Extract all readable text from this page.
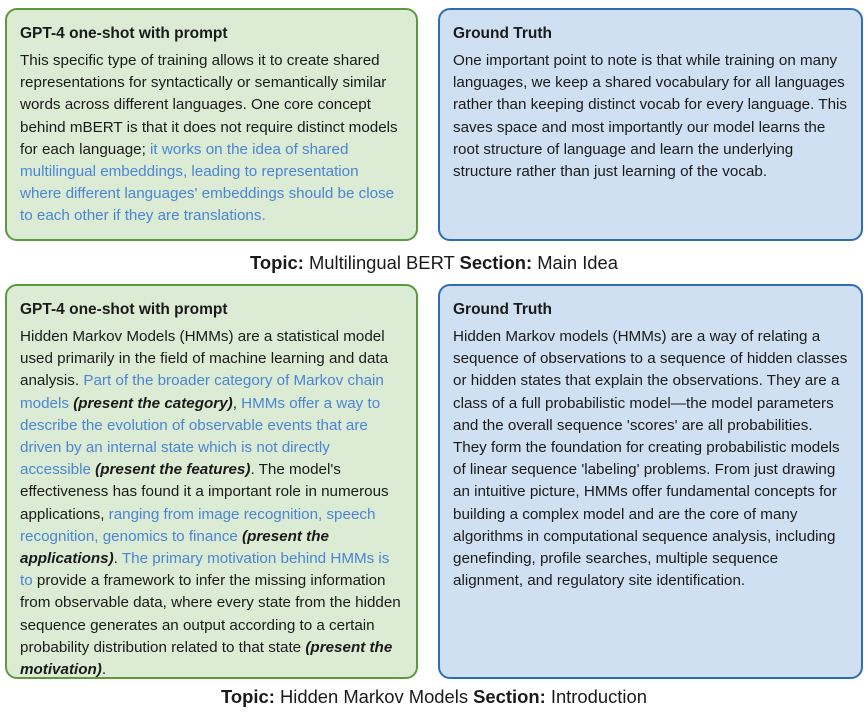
GPT-4 one-shot with prompt

This specific type of training allows it to create shared representations for syntactically or semantically similar words across different languages. One core concept behind mBERT is that it does not require distinct models for each language; it works on the idea of shared multilingual embeddings, leading to representation where different languages' embeddings should be close to each other if they are translations.

Ground Truth

One important point to note is that while training on many languages, we keep a shared vocabulary for all languages rather than keeping distinct vocab for every language. This saves space and most importantly our model learns the root structure of language and learn the underlying structure rather than just learning of the vocab.

Topic: Multilingual BERT Section: Main Idea
GPT-4 one-shot with prompt

Hidden Markov Models (HMMs) are a statistical model used primarily in the field of machine learning and data analysis. Part of the broader category of Markov chain models (present the category), HMMs offer a way to describe the evolution of observable events that are driven by an internal state which is not directly accessible (present the features). The model's effectiveness has found it a important role in numerous applications, ranging from image recognition, speech recognition, genomics to finance (present the applications). The primary motivation behind HMMs is to provide a framework to infer the missing information from observable data, where every state from the hidden sequence generates an output according to a certain probability distribution related to that state (present the motivation).

Ground Truth

Hidden Markov models (HMMs) are a way of relating a sequence of observations to a sequence of hidden classes or hidden states that explain the observations. They are a class of a full probabilistic model—the model parameters and the overall sequence 'scores' are all probabilities. They form the foundation for creating probabilistic models of linear sequence 'labeling' problems. From just drawing an intuitive picture, HMMs offer fundamental concepts for building a complex model and are the core of many algorithms in computational sequence analysis, including genefinding, profile searches, multiple sequence alignment, and regulatory site identification.

Topic: Hidden Markov Models Section: Introduction
